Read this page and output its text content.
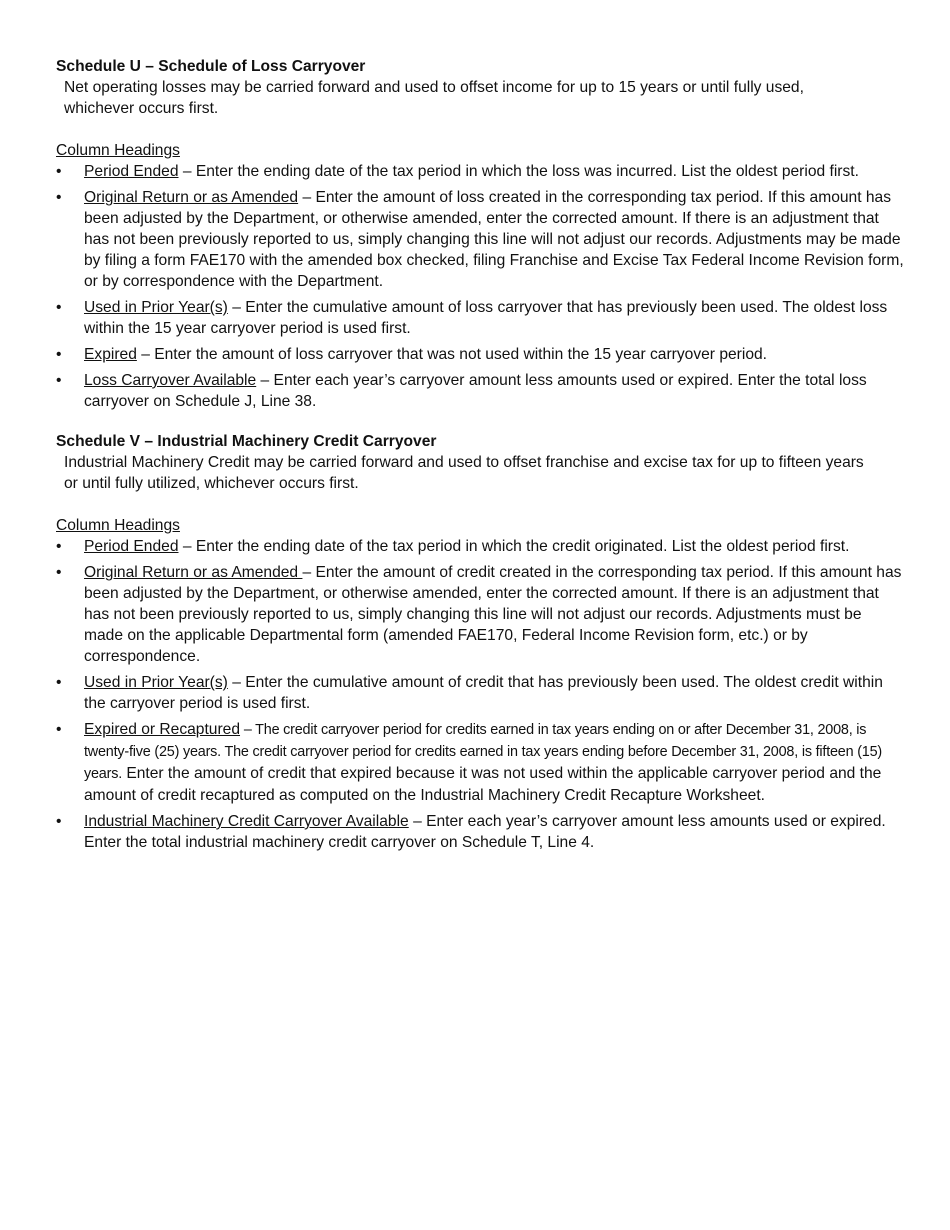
Schedule U – Schedule of Loss Carryover

Net operating losses may be carried forward and used to offset income for up to 15 years or until fully used, whichever occurs first.

Column Headings

• Period Ended – Enter the ending date of the tax period in which the loss was incurred. List the oldest period first.
• Original Return or as Amended – Enter the amount of loss created in the corresponding tax period. If this amount has been adjusted by the Department, or otherwise amended, enter the corrected amount. If there is an adjustment that has not been previously reported to us, simply changing this line will not adjust our records. Adjustments may be made by filing a form FAE170 with the amended box checked, filing Franchise and Excise Tax Federal Income Revision form, or by correspondence with the Department.
• Used in Prior Year(s) – Enter the cumulative amount of loss carryover that has previously been used. The oldest loss within the 15 year carryover period is used first.
• Expired – Enter the amount of loss carryover that was not used within the 15 year carryover period.
• Loss Carryover Available – Enter each year’s carryover amount less amounts used or expired. Enter the total loss carryover on Schedule J, Line 38.

Schedule V – Industrial Machinery Credit Carryover

Industrial Machinery Credit may be carried forward and used to offset franchise and excise tax for up to fifteen years or until fully utilized, whichever occurs first.

Column Headings

• Period Ended – Enter the ending date of the tax period in which the credit originated. List the oldest period first.
• Original Return or as Amended – Enter the amount of credit created in the corresponding tax period. If this amount has been adjusted by the Department, or otherwise amended, enter the corrected amount. If there is an adjustment that has not been previously reported to us, simply changing this line will not adjust our records. Adjustments must be made on the applicable Departmental form (amended FAE170, Federal Income Revision form, etc.) or by correspondence.
• Used in Prior Year(s) – Enter the cumulative amount of credit that has previously been used. The oldest credit within the carryover period is used first.
• Expired or Recaptured – The credit carryover period for credits earned in tax years ending on or after December 31, 2008, is twenty-five (25) years. The credit carryover period for credits earned in tax years ending before December 31, 2008, is fifteen (15) years. Enter the amount of credit that expired because it was not used within the applicable carryover period and the amount of credit recaptured as computed on the Industrial Machinery Credit Recapture Worksheet.
• Industrial Machinery Credit Carryover Available – Enter each year’s carryover amount less amounts used or expired. Enter the total industrial machinery credit carryover on Schedule T, Line 4.
